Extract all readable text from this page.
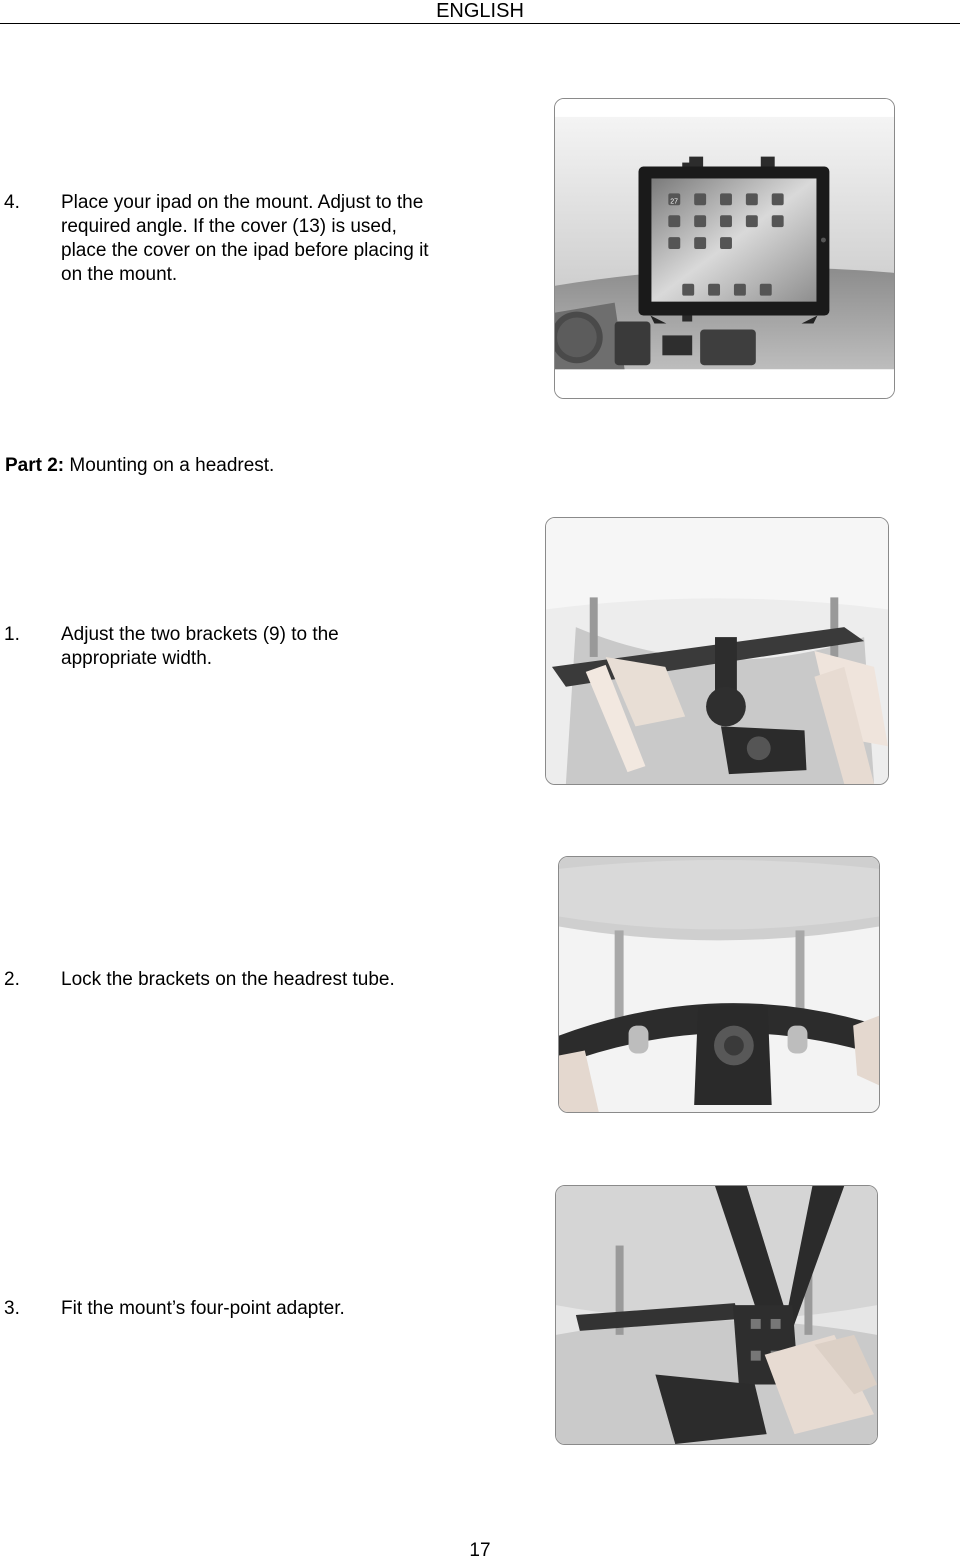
ENGLISH
4. Place your ipad on the mount. Adjust to the
required angle. If the cover (13) is used,
place the cover on the ipad before placing it
on the mount.
27
Part 2: Mounting on a headrest.
1. Adjust the two brackets (9) to the
appropriate width.
2. Lock the brackets on the headrest tube.
3. Fit the mount’s four-point adapter.
17
